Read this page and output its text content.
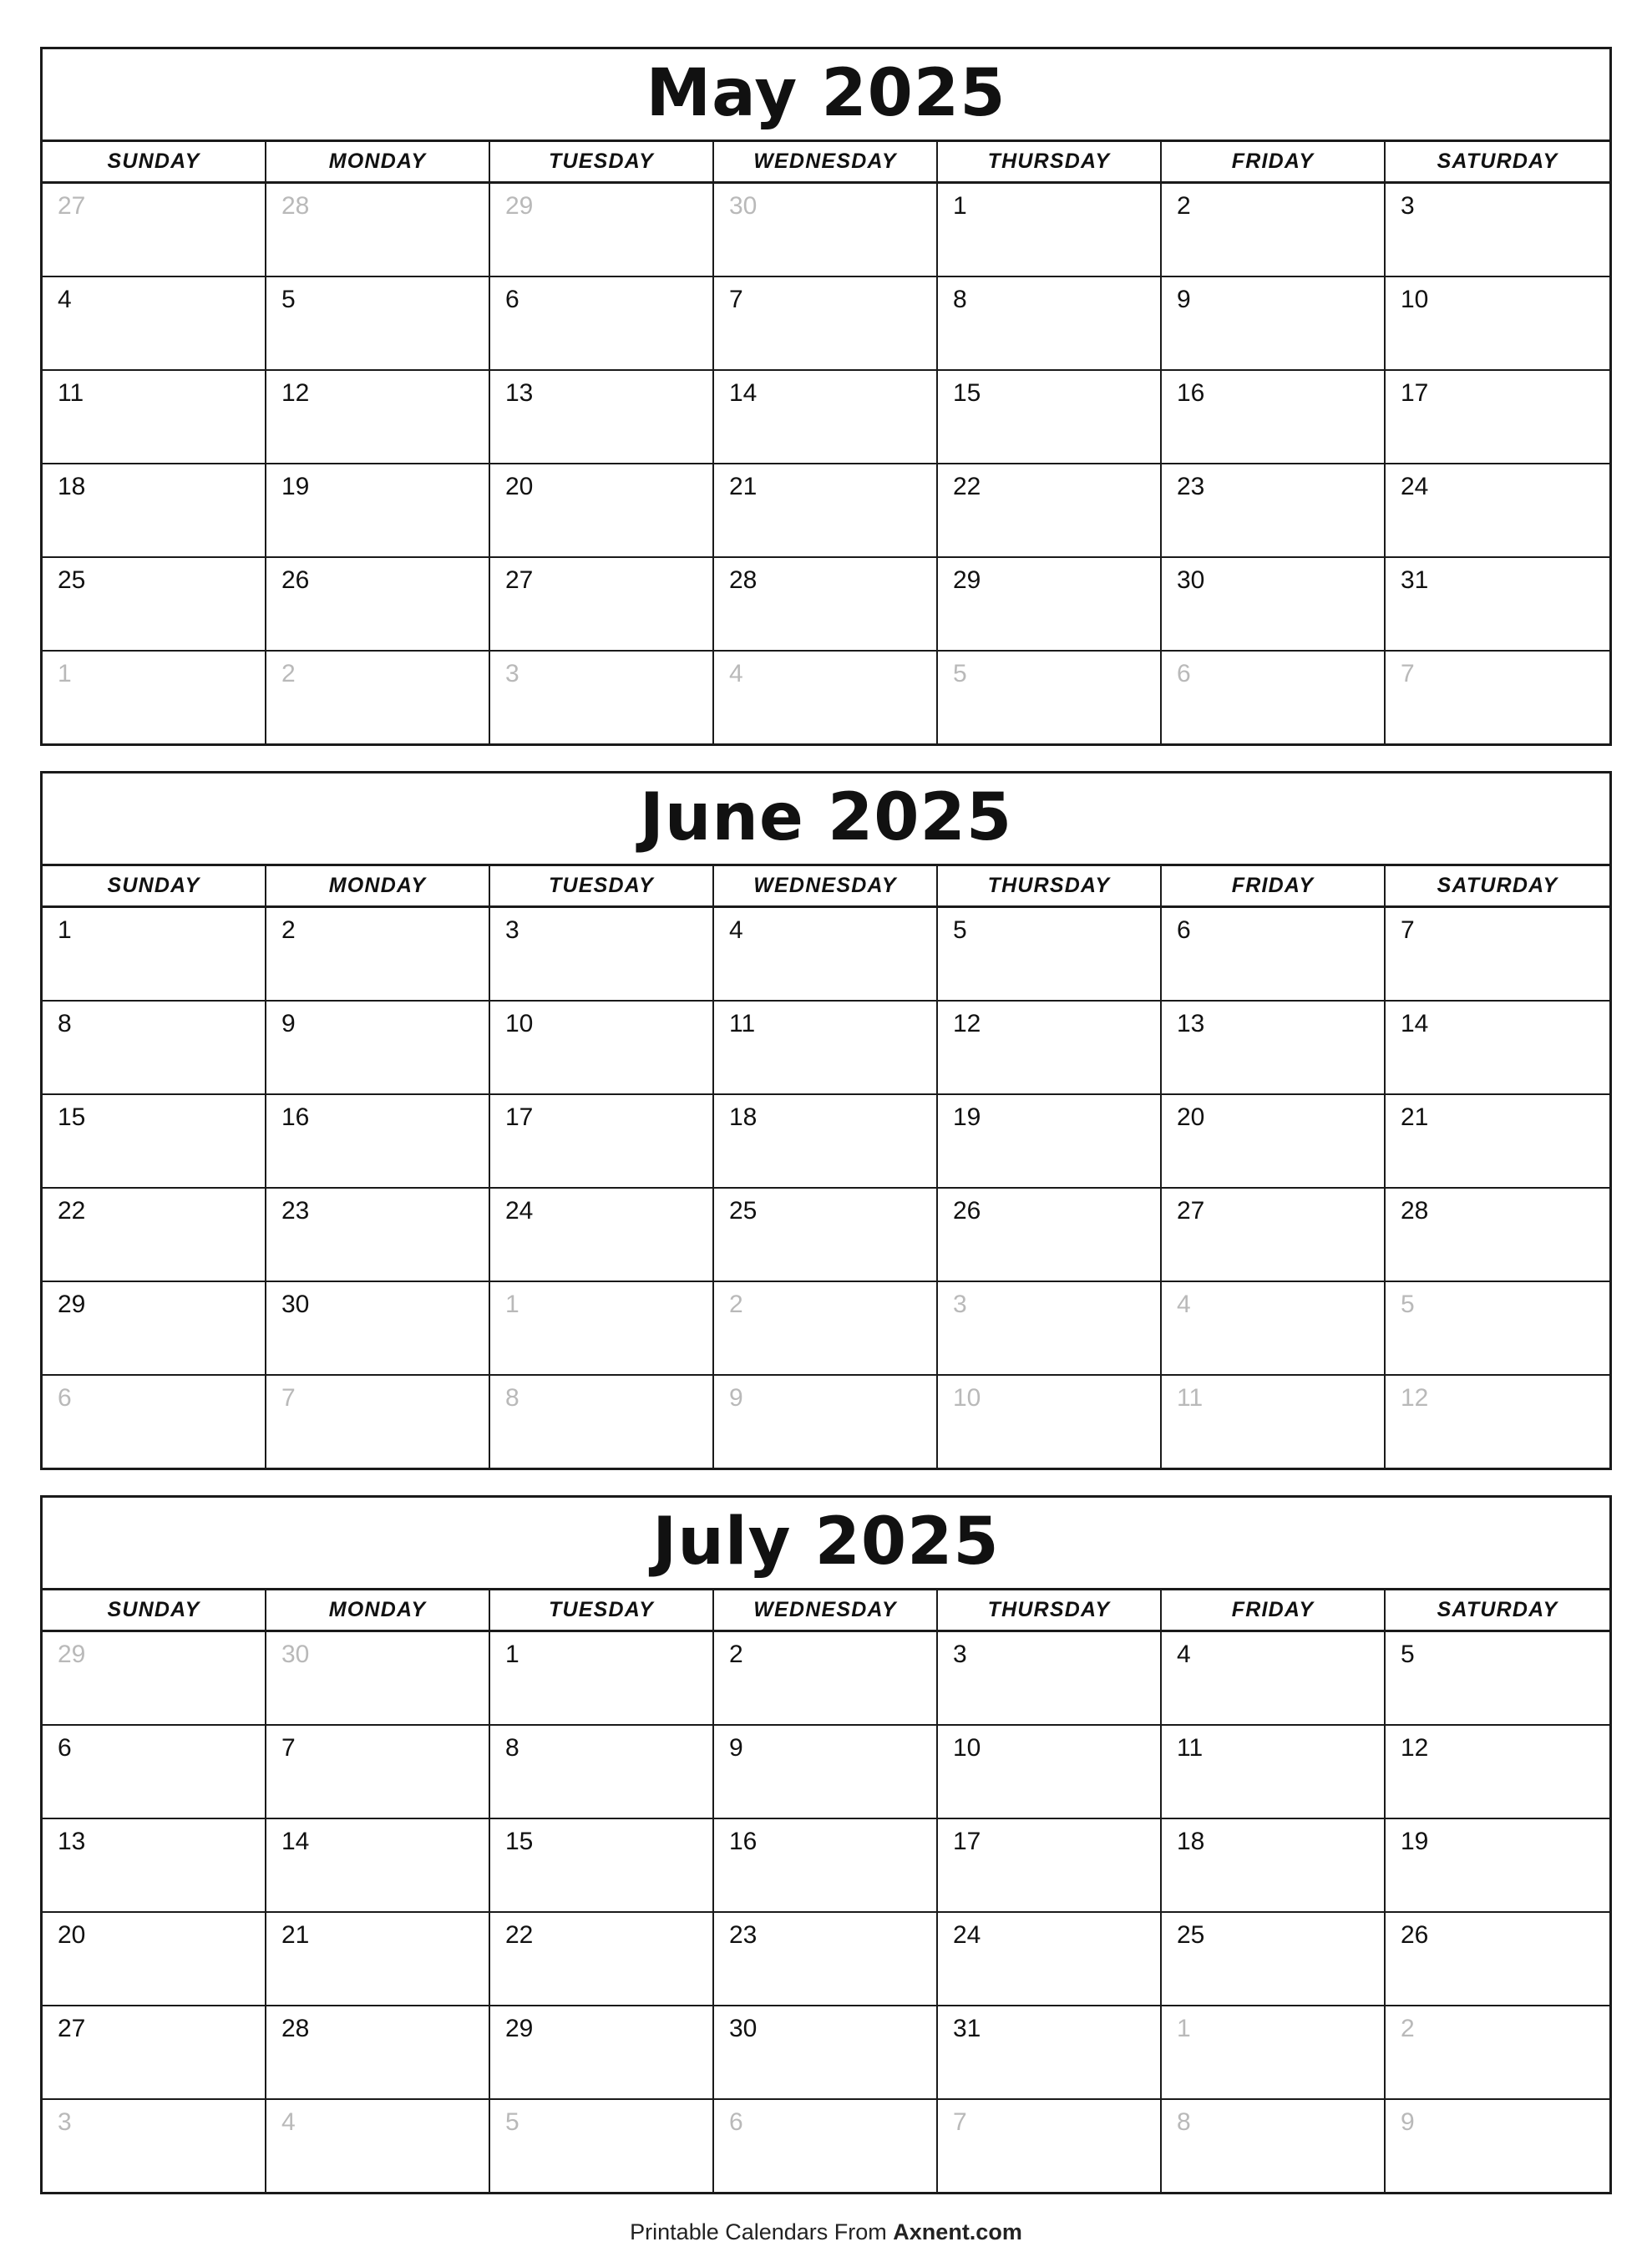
May 2025
SUNDAY	MONDAY	TUESDAY	WEDNESDAY	THURSDAY	FRIDAY	SATURDAY
27	28	29	30	1	2	3
4	5	6	7	8	9	10
11	12	13	14	15	16	17
18	19	20	21	22	23	24
25	26	27	28	29	30	31
1	2	3	4	5	6	7
June 2025
SUNDAY	MONDAY	TUESDAY	WEDNESDAY	THURSDAY	FRIDAY	SATURDAY
1	2	3	4	5	6	7
8	9	10	11	12	13	14
15	16	17	18	19	20	21
22	23	24	25	26	27	28
29	30	1	2	3	4	5
6	7	8	9	10	11	12
July 2025
SUNDAY	MONDAY	TUESDAY	WEDNESDAY	THURSDAY	FRIDAY	SATURDAY
29	30	1	2	3	4	5
6	7	8	9	10	11	12
13	14	15	16	17	18	19
20	21	22	23	24	25	26
27	28	29	30	31	1	2
3	4	5	6	7	8	9
Printable Calendars From Axnent.com
